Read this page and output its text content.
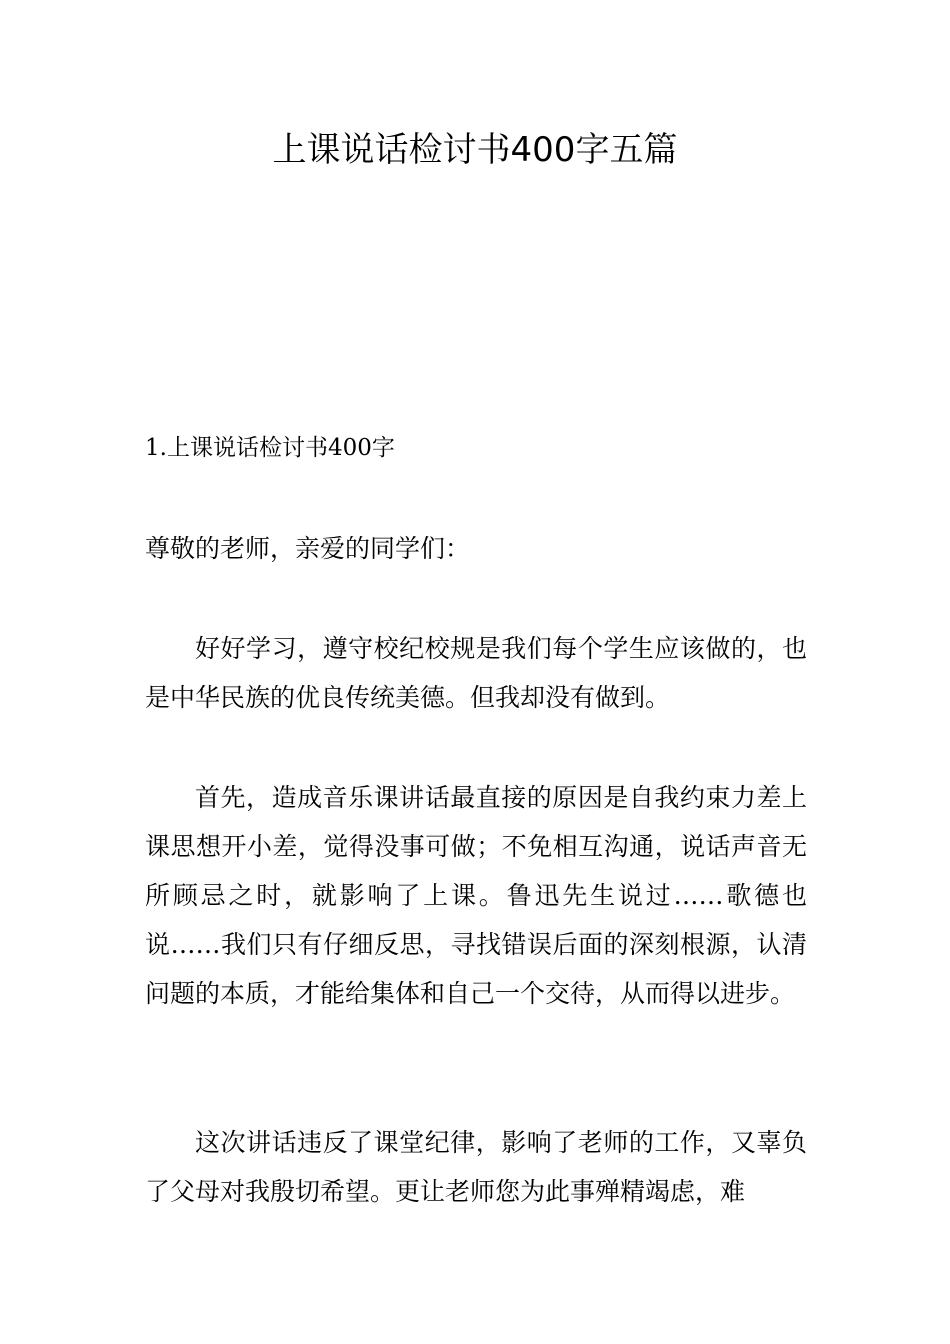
上课说话检讨书400字五篇

1.上课说话检讨书400字

尊敬的老师，亲爱的同学们：

好好学习，遵守校纪校规是我们每个学生应该做的，也是中华民族的优良传统美德。但我却没有做到。

首先，造成音乐课讲话最直接的原因是自我约束力差上课思想开小差，觉得没事可做；不免相互沟通，说话声音无所顾忌之时，就影响了上课。鲁迅先生说过……歌德也说……我们只有仔细反思，寻找错误后面的深刻根源，认清问题的本质，才能给集体和自己一个交待，从而得以进步。

这次讲话违反了课堂纪律，影响了老师的工作，又辜负了父母对我殷切希望。更让老师您为此事殚精竭虑，难
